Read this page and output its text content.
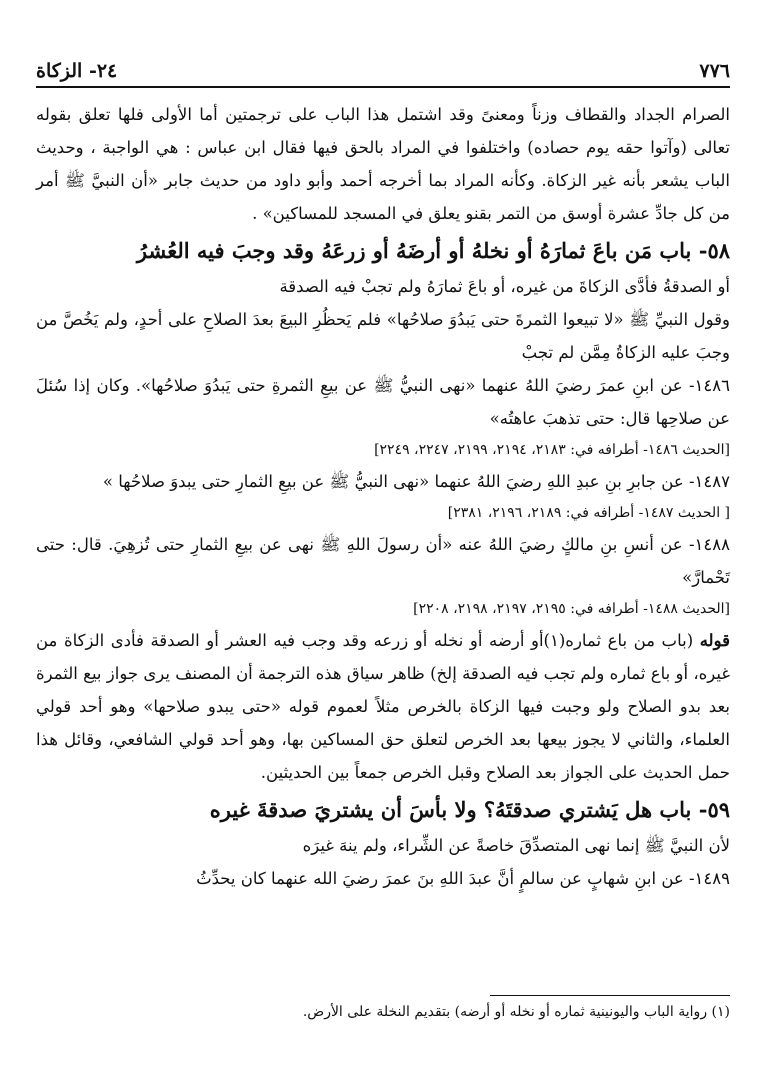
٧٧٦
٢٤- الزكاة

الصرام الجداد والقطاف وزناً ومعنىً وقد اشتمل هذا الباب على ترجمتين أما الأولى فلها تعلق بقوله تعالى (وآتوا حقه يوم حصاده) واختلفوا في المراد بالحق فيها فقال ابن عباس : هي الواجبة ، وحديث الباب يشعر بأنه غير الزكاة. وكأنه المراد بما أخرجه أحمد وأبو داود من حديث جابر «أن النبيَّ ﷺ أمر من كل جادِّ عشرة أوسق من التمر بقنو يعلق في المسجد للمساكين» .

٥٨- باب مَن باعَ ثمارَهُ أو نخلهُ أو أرضَهُ أو زرعَهُ وقد وجبَ فيه العُشرُ

أو الصدقةُ فأدَّى الزكاةَ من غيره، أو باعَ ثمارَهُ ولم تجبْ فيه الصدقة

وقول النبيِّ ﷺ «لا تبيعوا الثمرةَ حتى يَبدُوَ صلاحُها» فلم يَحظُرِ البيعَ بعدَ الصلاحِ على أحدٍ، ولم يَخُصَّ من وجبَ عليه الزكاةُ مِمَّن لم تجبْ

١٤٨٦- عن ابنِ عمرَ رضيَ اللهُ عنهما «نهى النبيُّ ﷺ عن بيعِ الثمرةِ حتى يَبدُوَ صلاحُها». وكان إذا سُئلَ عن صلاحِها قال: حتى تذهبَ عاهتُه»

[الحديث ١٤٨٦- أطرافه في: ٢١٨٣، ٢١٩٤، ٢١٩٩، ٢٢٤٧، ٢٢٤٩]

١٤٨٧- عن جابرِ بنِ عبدِ اللهِ رضيَ اللهُ عنهما «نهى النبيُّ ﷺ عن بيعِ الثمارِ حتى يبدوَ صلاحُها »

[ الحديث ١٤٨٧- أطرافه في: ٢١٨٩، ٢١٩٦، ٢٣٨١]

١٤٨٨- عن أنسِ بنِ مالكٍ رضيَ اللهُ عنه «أن رسولَ اللهِ ﷺ نهى عن بيعِ الثمارِ حتى تُزهِيَ. قال: حتى تَحْمارَّ»

[الحديث ١٤٨٨- أطرافه في: ٢١٩٥، ٢١٩٧، ٢١٩٨، ٢٢٠٨]

قوله (باب من باع ثماره(١)أو أرضه أو نخله أو زرعه وقد وجب فيه العشر أو الصدقة فأدى الزكاة من غيره، أو باع ثماره ولم تجب فيه الصدقة إلخ) ظاهر سياق هذه الترجمة أن المصنف يرى جواز بيع الثمرة بعد بدو الصلاح ولو وجبت فيها الزكاة بالخرص مثلاً لعموم قوله «حتى يبدو صلاحها» وهو أحد قولي العلماء، والثاني لا يجوز بيعها بعد الخرص لتعلق حق المساكين بها، وهو أحد قولي الشافعي، وقائل هذا حمل الحديث على الجواز بعد الصلاح وقبل الخرص جمعاً بين الحديثين.

٥٩- باب هل يَشتري صدقتَهُ؟ ولا بأسَ أن يشتريَ صدقةَ غيره

لأن النبيَّ ﷺ إنما نهى المتصدِّقَ خاصةً عن الشِّراء، ولم ينهَ غيرَه

١٤٨٩- عن ابنِ شهابٍ عن سالمٍ أنَّ عبدَ اللهِ بنَ عمرَ رضيَ الله عنهما كان يحدِّثُ

(١) رواية الباب واليونينية ثماره أو نخله أو أرضه) بتقديم النخلة على الأرض.
